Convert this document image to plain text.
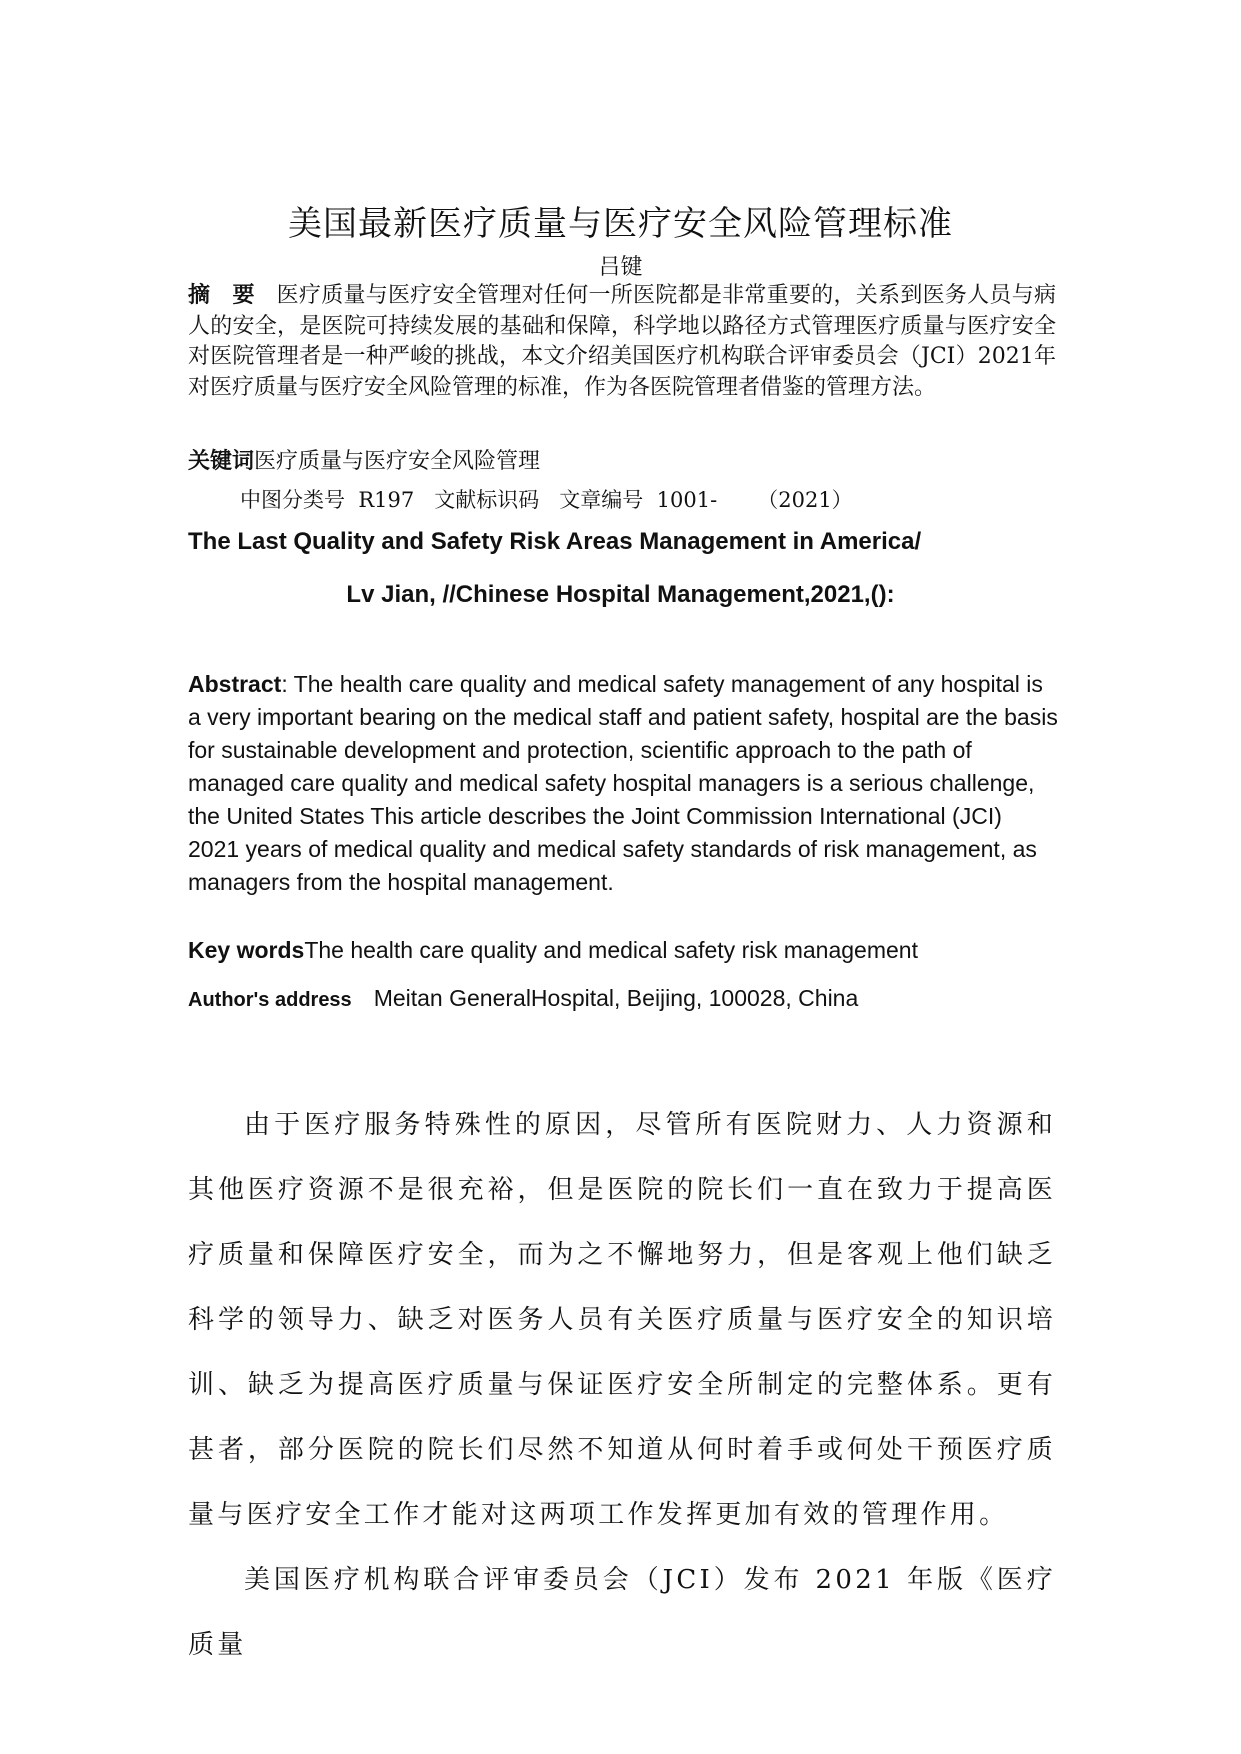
美国最新医疗质量与医疗安全风险管理标准
吕键
摘　要 医疗质量与医疗安全管理对任何一所医院都是非常重要的，关系到医务人员与病人的安全，是医院可持续发展的基础和保障，科学地以路径方式管理医疗质量与医疗安全对医院管理者是一种严峻的挑战，本文介绍美国医疗机构联合评审委员会（JCI）2021年对医疗质量与医疗安全风险管理的标准，作为各医院管理者借鉴的管理方法。
关键词医疗质量与医疗安全风险管理
中图分类号  R197   文献标识码   文章编号  1001-      （2021）
The Last Quality and Safety Risk Areas Management in America/
Lv Jian, //Chinese Hospital Management,2021,():
Abstract: The health care quality and medical safety management of any hospital is a very important bearing on the medical staff and patient safety, hospital are the basis for sustainable development and protection, scientific approach to the path of managed care quality and medical safety hospital managers is a serious challenge, the United States This article describes the Joint Commission International (JCI) 2021 years of medical quality and medical safety standards of risk management, as managers from the hospital management.
Key wordsThe health care quality and medical safety risk management
Author's address Meitan GeneralHospital, Beijing, 100028, China

由于医疗服务特殊性的原因，尽管所有医院财力、人力资源和其他医疗资源不是很充裕，但是医院的院长们一直在致力于提高医疗质量和保障医疗安全，而为之不懈地努力，但是客观上他们缺乏科学的领导力、缺乏对医务人员有关医疗质量与医疗安全的知识培训、缺乏为提高医疗质量与保证医疗安全所制定的完整体系。更有甚者，部分医院的院长们尽然不知道从何时着手或何处干预医疗质量与医疗安全工作才能对这两项工作发挥更加有效的管理作用。

美国医疗机构联合评审委员会（JCI）发布 2021 年版《医疗质量
